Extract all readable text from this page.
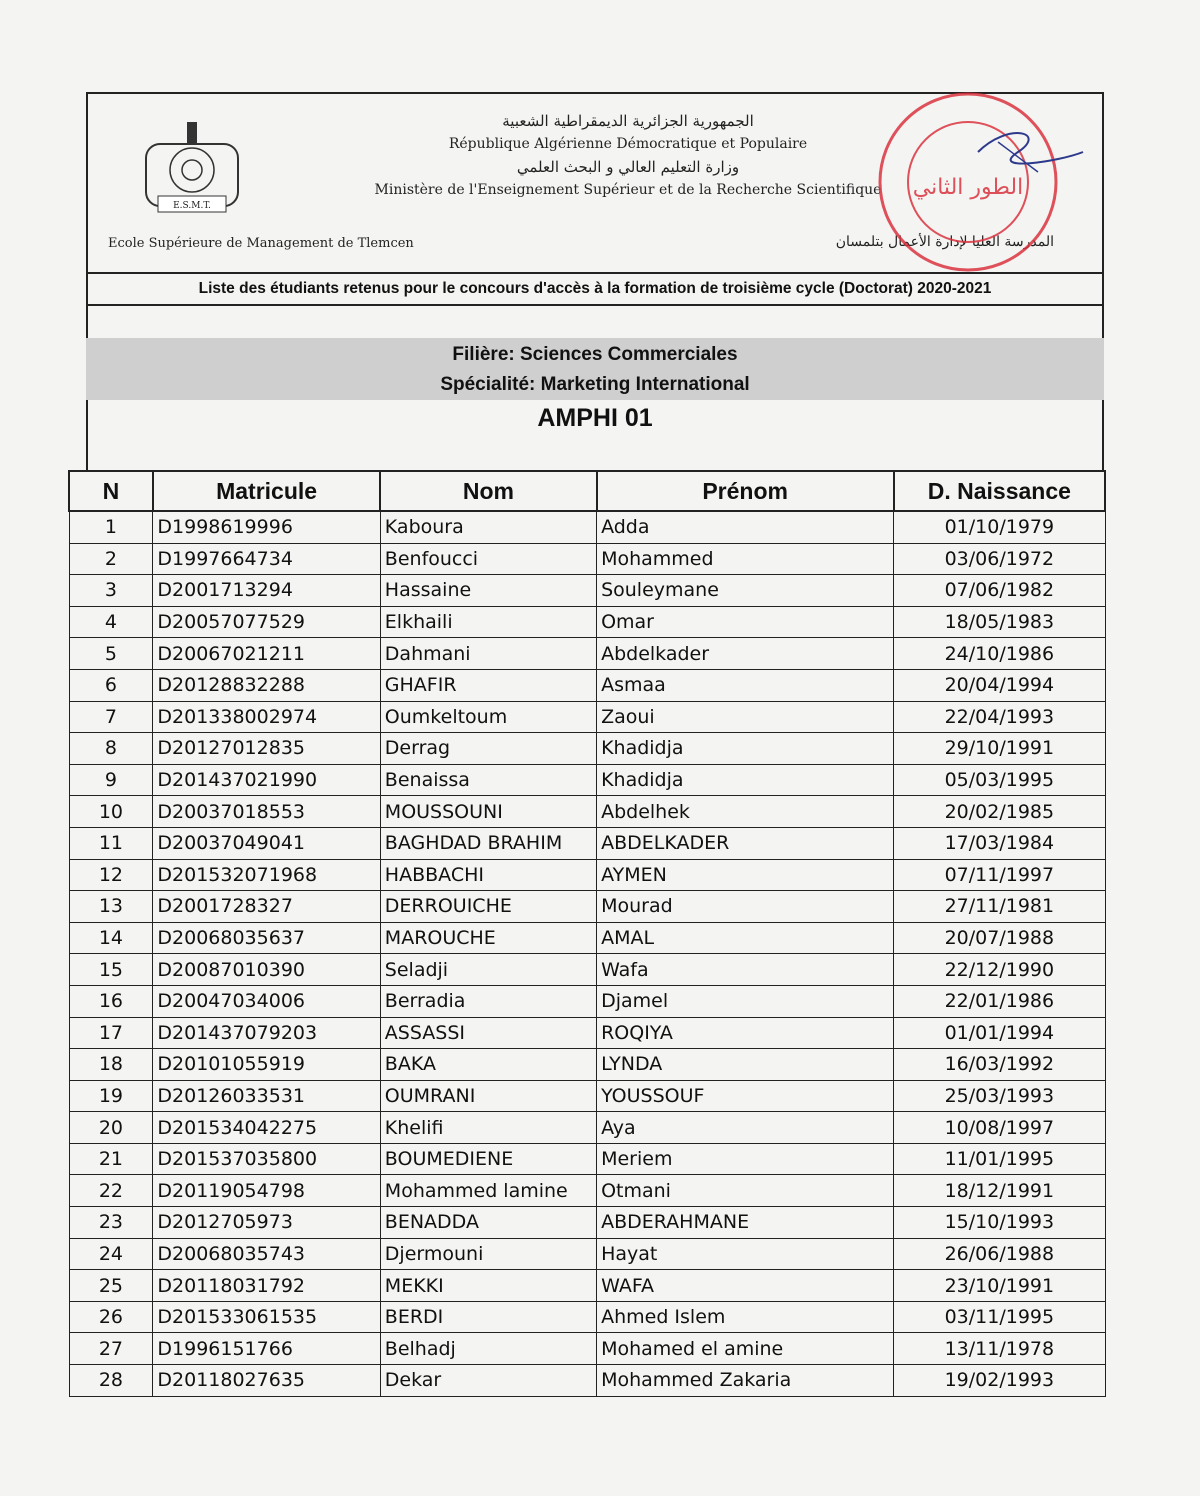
E.S.M.T.
الجمهورية الجزائرية الديمقراطية الشعبية
République Algérienne Démocratique et Populaire
وزارة التعليم العالي و البحث العلمي
Ministère de l'Enseignement Supérieur et de la Recherche Scientifique
Ecole Supérieure de Management de Tlemcen	المدرسة العليا لإدارة الأعمال بتلمسان
الطور الثاني
Liste des étudiants retenus pour le concours d'accès à la formation de troisième cycle (Doctorat) 2020-2021
Filière: Sciences Commerciales
Spécialité: Marketing International
AMPHI 01
N	Matricule	Nom	Prénom	D. Naissance
1	D1998619996	Kaboura	Adda	01/10/1979
2	D1997664734	Benfoucci	Mohammed	03/06/1972
3	D2001713294	Hassaine	Souleymane	07/06/1982
4	D20057077529	Elkhaili	Omar	18/05/1983
5	D20067021211	Dahmani	Abdelkader	24/10/1986
6	D20128832288	GHAFIR	Asmaa	20/04/1994
7	D201338002974	Oumkeltoum	Zaoui	22/04/1993
8	D20127012835	Derrag	Khadidja	29/10/1991
9	D201437021990	Benaissa	Khadidja	05/03/1995
10	D20037018553	MOUSSOUNI	Abdelhek	20/02/1985
11	D20037049041	BAGHDAD BRAHIM	ABDELKADER	17/03/1984
12	D201532071968	HABBACHI	AYMEN	07/11/1997
13	D2001728327	DERROUICHE	Mourad	27/11/1981
14	D20068035637	MAROUCHE	AMAL	20/07/1988
15	D20087010390	Seladji	Wafa	22/12/1990
16	D20047034006	Berradia	Djamel	22/01/1986
17	D201437079203	ASSASSI	ROQIYA	01/01/1994
18	D20101055919	BAKA	LYNDA	16/03/1992
19	D20126033531	OUMRANI	YOUSSOUF	25/03/1993
20	D201534042275	Khelifi	Aya	10/08/1997
21	D201537035800	BOUMEDIENE	Meriem	11/01/1995
22	D20119054798	Mohammed lamine	Otmani	18/12/1991
23	D2012705973	BENADDA	ABDERAHMANE	15/10/1993
24	D20068035743	Djermouni	Hayat	26/06/1988
25	D20118031792	MEKKI	WAFA	23/10/1991
26	D201533061535	BERDI	Ahmed Islem	03/11/1995
27	D1996151766	Belhadj	Mohamed el amine	13/11/1978
28	D20118027635	Dekar	Mohammed Zakaria	19/02/1993
